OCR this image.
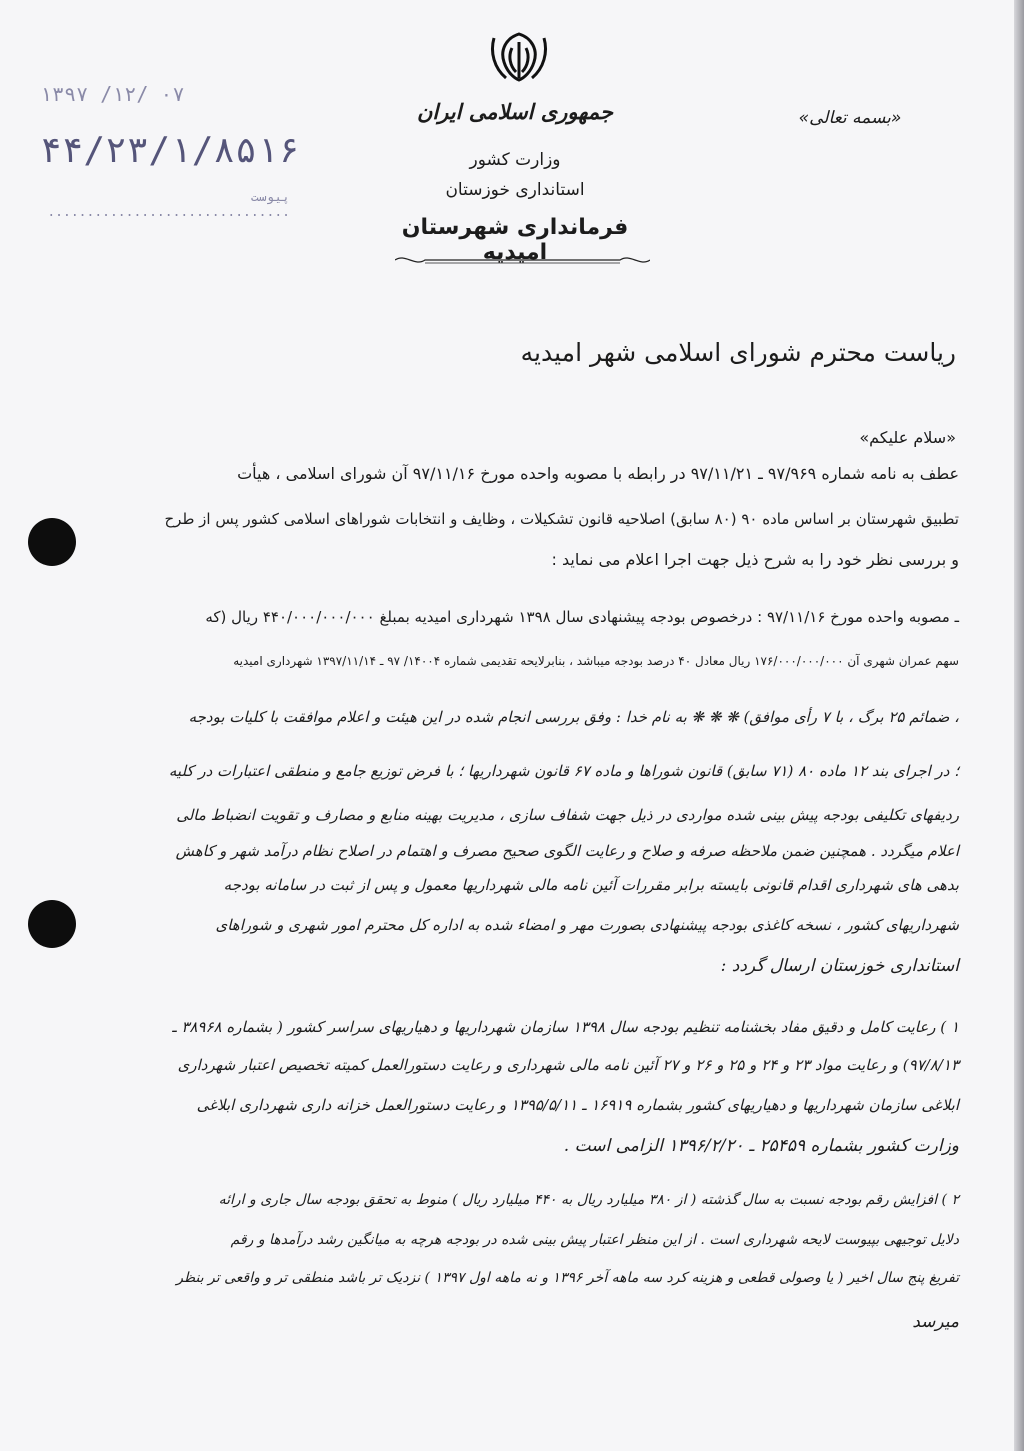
جمهوری اسلامی ایران
وزارت کشور
استانداری خوزستان
فرمانداری شهرستان امیدیه
«بسمه تعالی»
۱۳۹۷ /۱۲/ ۰۷
۴۴/۲۳/۱/۸۵۱۶
پیوست ...............................
ریاست محترم شورای اسلامی شهر امیدیه
«سلام علیکم»
عطف به نامه شماره ۹۷/۹۶۹ ـ ۹۷/۱۱/۲۱ در رابطه با مصوبه واحده مورخ ۹۷/۱۱/۱۶ آن شورای اسلامی ، هیأت
تطبیق شهرستان بر اساس ماده ۹۰ (۸۰ سابق) اصلاحیه قانون تشکیلات ، وظایف و انتخابات شوراهای اسلامی کشور پس از طرح
و بررسی نظر خود را به شرح ذیل جهت اجرا اعلام می نماید :
ـ مصوبه واحده مورخ ۹۷/۱۱/۱۶ : درخصوص بودجه پیشنهادی سال ۱۳۹۸ شهرداری امیدیه بمبلغ ۴۴۰/۰۰۰/۰۰۰/۰۰۰ ریال (که
سهم عمران شهری آن ۱۷۶/۰۰۰/۰۰۰/۰۰۰ ریال معادل ۴۰ درصد بودجه میباشد ، بنابرلایحه تقدیمی شماره ۱۴۰۰۴/ ۹۷ ـ ۱۳۹۷/۱۱/۱۴ شهرداری امیدیه
، ضمائم ۲۵ برگ ، با ۷ رأی موافق) ❋ ❋ ❋ به نام خدا : وفق بررسی انجام شده در این هیئت و اعلام موافقت با کلیات بودجه
؛ در اجرای بند ۱۲ ماده ۸۰ (۷۱ سابق) قانون شوراها و ماده ۶۷ قانون شهرداریها ؛ با فرض توزیع جامع و منطقی اعتبارات در کلیه
ردیفهای تکلیفی بودجه پیش بینی شده مواردی در ذیل جهت شفاف سازی ، مدیریت بهینه منابع و مصارف و تقویت انضباط مالی
اعلام میگردد . همچنین ضمن ملاحظه صرفه و صلاح و رعایت الگوی صحیح مصرف و اهتمام در اصلاح نظام درآمد شهر و کاهش
بدهی های شهرداری اقدام قانونی بایسته برابر مقررات آئین نامه مالی شهرداریها معمول و پس از ثبت در سامانه بودجه
شهرداریهای کشور ، نسخه کاغذی بودجه پیشنهادی بصورت مهر و امضاء شده به اداره کل محترم امور شهری و شوراهای
استانداری خوزستان ارسال گردد :
۱ ) رعایت کامل و دقیق مفاد بخشنامه تنظیم بودجه سال ۱۳۹۸ سازمان شهرداریها و دهیاریهای سراسر کشور ( بشماره ۳۸۹۶۸ ـ
۹۷/۸/۱۳) و رعایت مواد ۲۳ و ۲۴ و ۲۵ و ۲۶ و ۲۷ آئین نامه مالی شهرداری و رعایت دستورالعمل کمیته تخصیص اعتبار شهرداری
ابلاغی سازمان شهرداریها و دهیاریهای کشور بشماره ۱۶۹۱۹ ـ ۱۳۹۵/۵/۱۱ و رعایت دستورالعمل خزانه داری شهرداری ابلاغی
وزارت کشور بشماره ۲۵۴۵۹ ـ ۱۳۹۶/۲/۲۰ الزامی است .
۲ ) افزایش رقم بودجه نسبت به سال گذشته ( از ۳۸۰ میلیارد ریال به ۴۴۰ میلیارد ریال ) منوط به تحقق بودجه سال جاری و ارائه
دلایل توجیهی بپیوست لایحه شهرداری است . از این منظر اعتبار پیش بینی شده در بودجه هرچه به میانگین رشد درآمدها و رقم
تفریغ پنج سال اخیر ( یا وصولی قطعی و هزینه کرد سه ماهه آخر ۱۳۹۶ و نه ماهه اول ۱۳۹۷ ) نزدیک تر باشد منطقی تر و واقعی تر بنظر
میرسد
